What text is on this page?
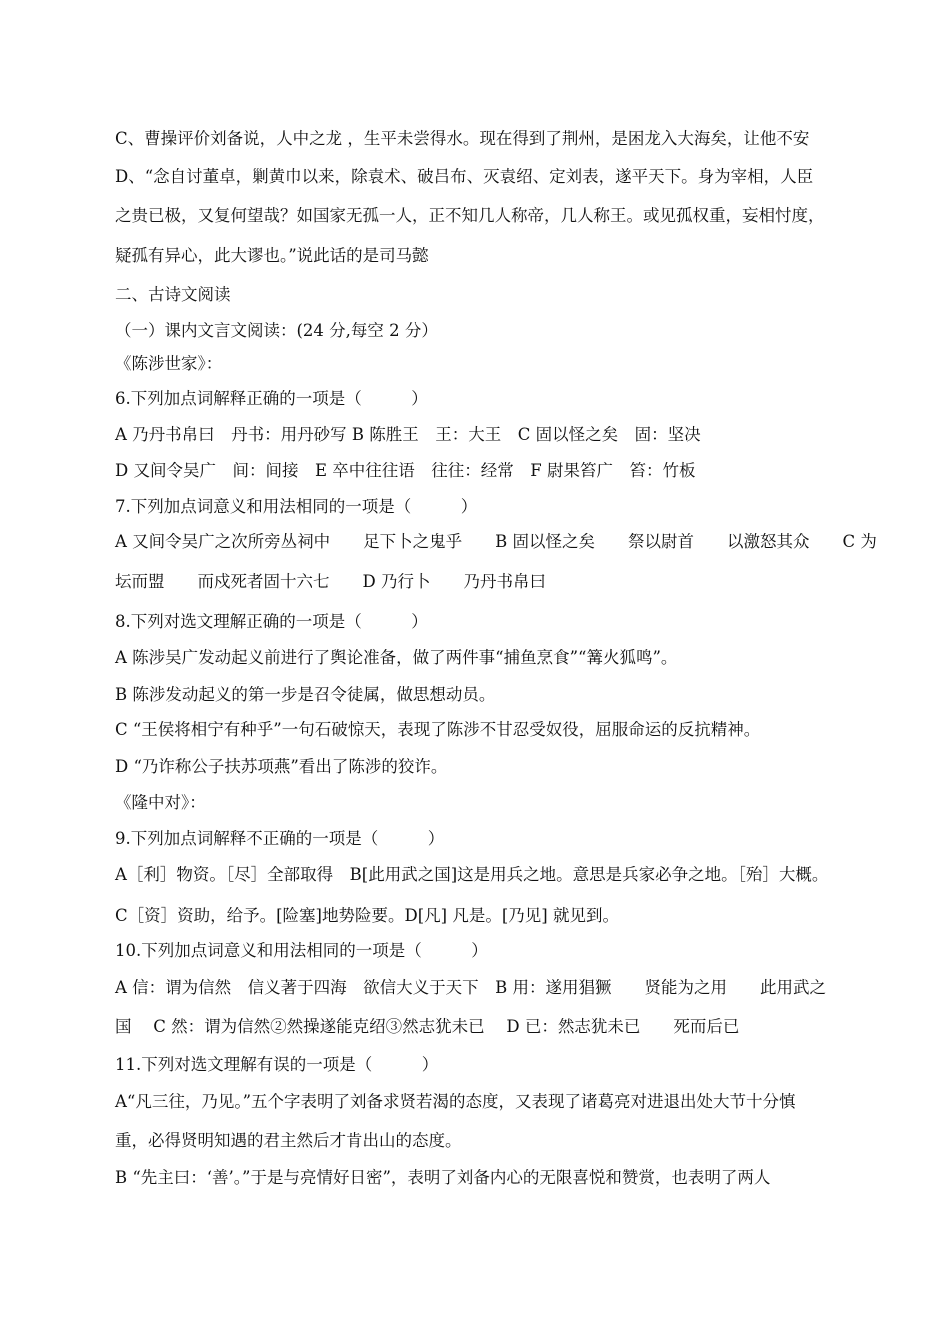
C、曹操评价刘备说，人中之龙 ，生平未尝得水。现在得到了荆州，是困龙入大海矣，让他不安
D、“念自讨董卓，剿黄巾以来，除袁术、破吕布、灭袁绍、定刘表，遂平天下。身为宰相，人臣
之贵已极，又复何望哉？如国家无孤一人，正不知几人称帝，几人称王。或见孤权重，妄相忖度，
疑孤有异心，此大谬也。”说此话的是司马懿
二、古诗文阅读
（一）课内文言文阅读：(24 分,每空 2 分）
《陈涉世家》：
6.下列加点词解释正确的一项是（　　　）
A 乃丹书帛曰　丹书：用丹砂写 B 陈胜王　王：大王　C 固以怪之矣　固：坚决
D 又间令吴广　间：间接　E 卒中往往语　往往：经常　F 尉果笞广　笞：竹板
7.下列加点词意义和用法相同的一项是（　　　）
A 又间令吴广之次所旁丛祠中　　足下卜之鬼乎　　B 固以怪之矣　　祭以尉首　　以激怒其众　　C 为
坛而盟　　而戍死者固十六七　　D 乃行卜　　乃丹书帛曰
8.下列对选文理解正确的一项是（　　　）
A 陈涉吴广发动起义前进行了舆论准备，做了两件事“捕鱼烹食”“篝火狐鸣”。
B 陈涉发动起义的第一步是召令徒属，做思想动员。
C “王侯将相宁有种乎”一句石破惊天，表现了陈涉不甘忍受奴役，屈服命运的反抗精神。
D “乃诈称公子扶苏项燕”看出了陈涉的狡诈。
《隆中对》：
9.下列加点词解释不正确的一项是（　　　）
A［利］物资。［尽］全部取得　B[此用武之国]这是用兵之地。意思是兵家必争之地。［殆］大概。
C［资］资助，给予。[险塞]地势险要。D[凡] 凡是。[乃见] 就见到。
10.下列加点词意义和用法相同的一项是（　　　）
A 信：谓为信然　信义著于四海　欲信大义于天下　B 用：遂用猖獗　　贤能为之用　　此用武之
国　 C 然：谓为信然②然操遂能克绍③然志犹未已　 D 已：然志犹未已　　死而后已
11.下列对选文理解有误的一项是（　　　）
A“凡三往，乃见。”五个字表明了刘备求贤若渴的态度，又表现了诸葛亮对进退出处大节十分慎
重，必得贤明知遇的君主然后才肯出山的态度。
B “先主曰：‘善’。”于是与亮情好日密”，表明了刘备内心的无限喜悦和赞赏，也表明了两人
